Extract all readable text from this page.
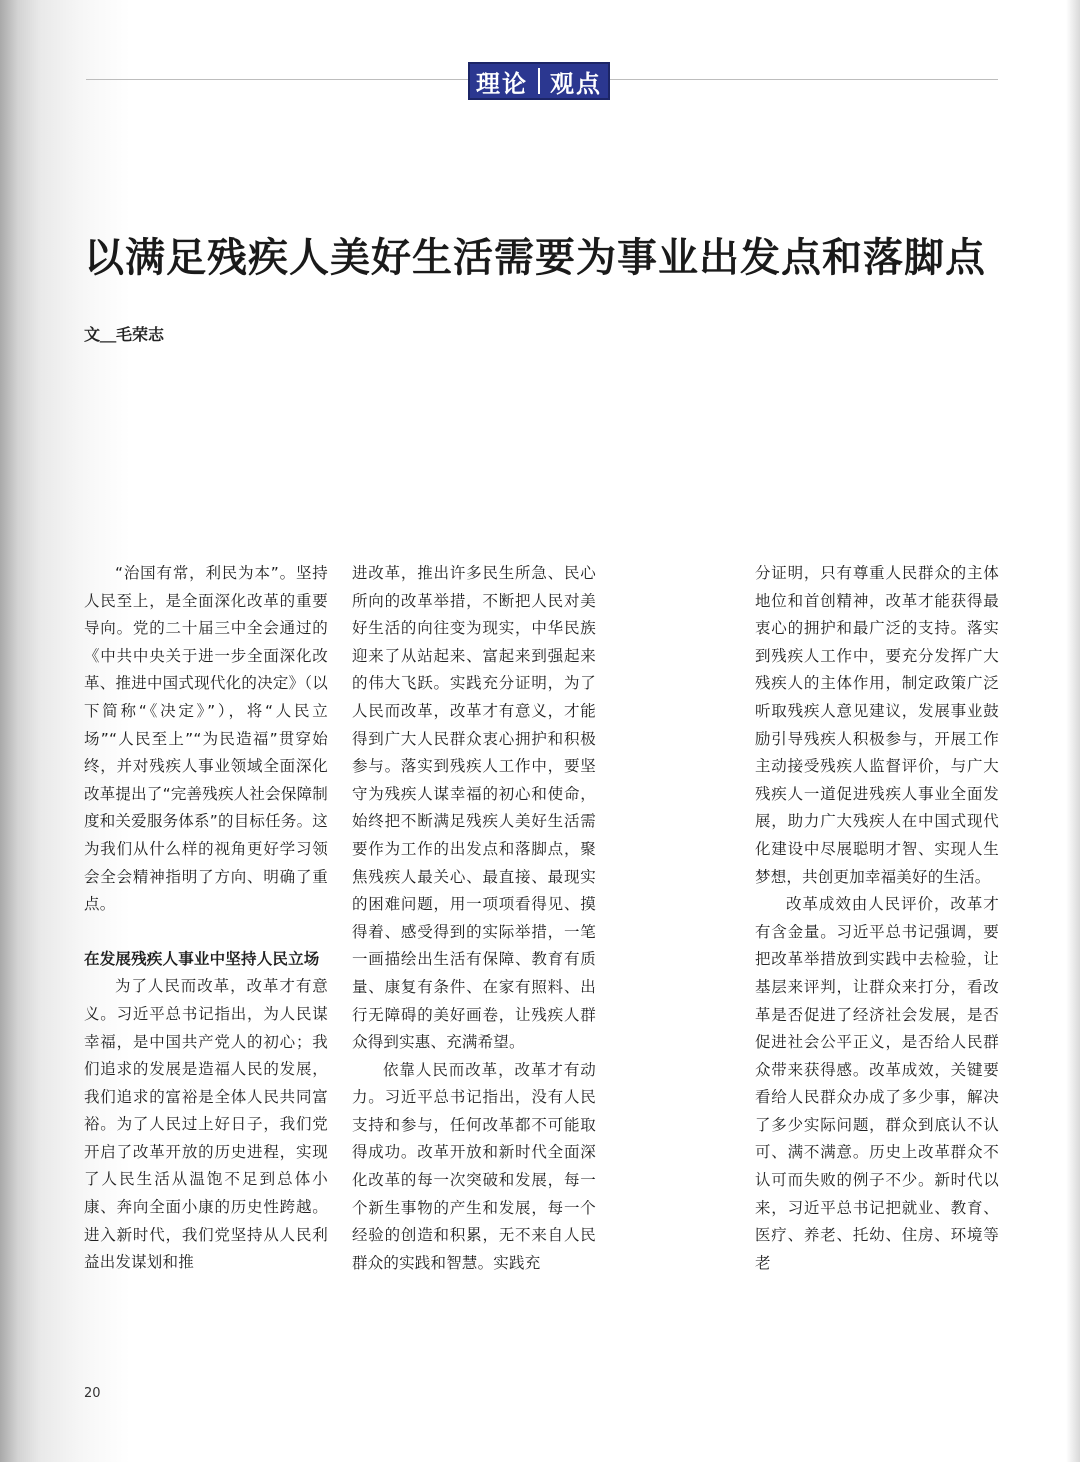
理论 观点
以满足残疾人美好生活需要为事业出发点和落脚点
文＿毛荣志

“治国有常，利民为本”。坚持人民至上，是全面深化改革的重要导向。党的二十届三中全会通过的《中共中央关于进一步全面深化改革、推进中国式现代化的决定》（以下简称“《决定》”），将“人民立场”“人民至上”“为民造福”贯穿始终，并对残疾人事业领域全面深化改革提出了“完善残疾人社会保障制度和关爱服务体系”的目标任务。这为我们从什么样的视角更好学习领会全会精神指明了方向、明确了重点。

在发展残疾人事业中坚持人民立场

为了人民而改革，改革才有意义。习近平总书记指出，为人民谋幸福，是中国共产党人的初心；我们追求的发展是造福人民的发展，我们追求的富裕是全体人民共同富裕。为了人民过上好日子，我们党开启了改革开放的历史进程，实现了人民生活从温饱不足到总体小康、奔向全面小康的历史性跨越。进入新时代，我们党坚持从人民利益出发谋划和推

进改革，推出许多民生所急、民心所向的改革举措，不断把人民对美好生活的向往变为现实，中华民族迎来了从站起来、富起来到强起来的伟大飞跃。实践充分证明，为了人民而改革，改革才有意义，才能得到广大人民群众衷心拥护和积极参与。落实到残疾人工作中，要坚守为残疾人谋幸福的初心和使命，始终把不断满足残疾人美好生活需要作为工作的出发点和落脚点，聚焦残疾人最关心、最直接、最现实的困难问题，用一项项看得见、摸得着、感受得到的实际举措，一笔一画描绘出生活有保障、教育有质量、康复有条件、在家有照料、出行无障碍的美好画卷，让残疾人群众得到实惠、充满希望。

依靠人民而改革，改革才有动力。习近平总书记指出，没有人民支持和参与，任何改革都不可能取得成功。改革开放和新时代全面深化改革的每一次突破和发展，每一个新生事物的产生和发展，每一个经验的创造和积累，无不来自人民群众的实践和智慧。实践充

分证明，只有尊重人民群众的主体地位和首创精神，改革才能获得最衷心的拥护和最广泛的支持。落实到残疾人工作中，要充分发挥广大残疾人的主体作用，制定政策广泛听取残疾人意见建议，发展事业鼓励引导残疾人积极参与，开展工作主动接受残疾人监督评价，与广大残疾人一道促进残疾人事业全面发展，助力广大残疾人在中国式现代化建设中尽展聪明才智、实现人生梦想，共创更加幸福美好的生活。

改革成效由人民评价，改革才有含金量。习近平总书记强调，要把改革举措放到实践中去检验，让基层来评判，让群众来打分，看改革是否促进了经济社会发展，是否促进社会公平正义，是否给人民群众带来获得感。改革成效，关键要看给人民群众办成了多少事，解决了多少实际问题，群众到底认不认可、满不满意。历史上改革群众不认可而失败的例子不少。新时代以来，习近平总书记把就业、教育、医疗、养老、托幼、住房、环境等老

20
